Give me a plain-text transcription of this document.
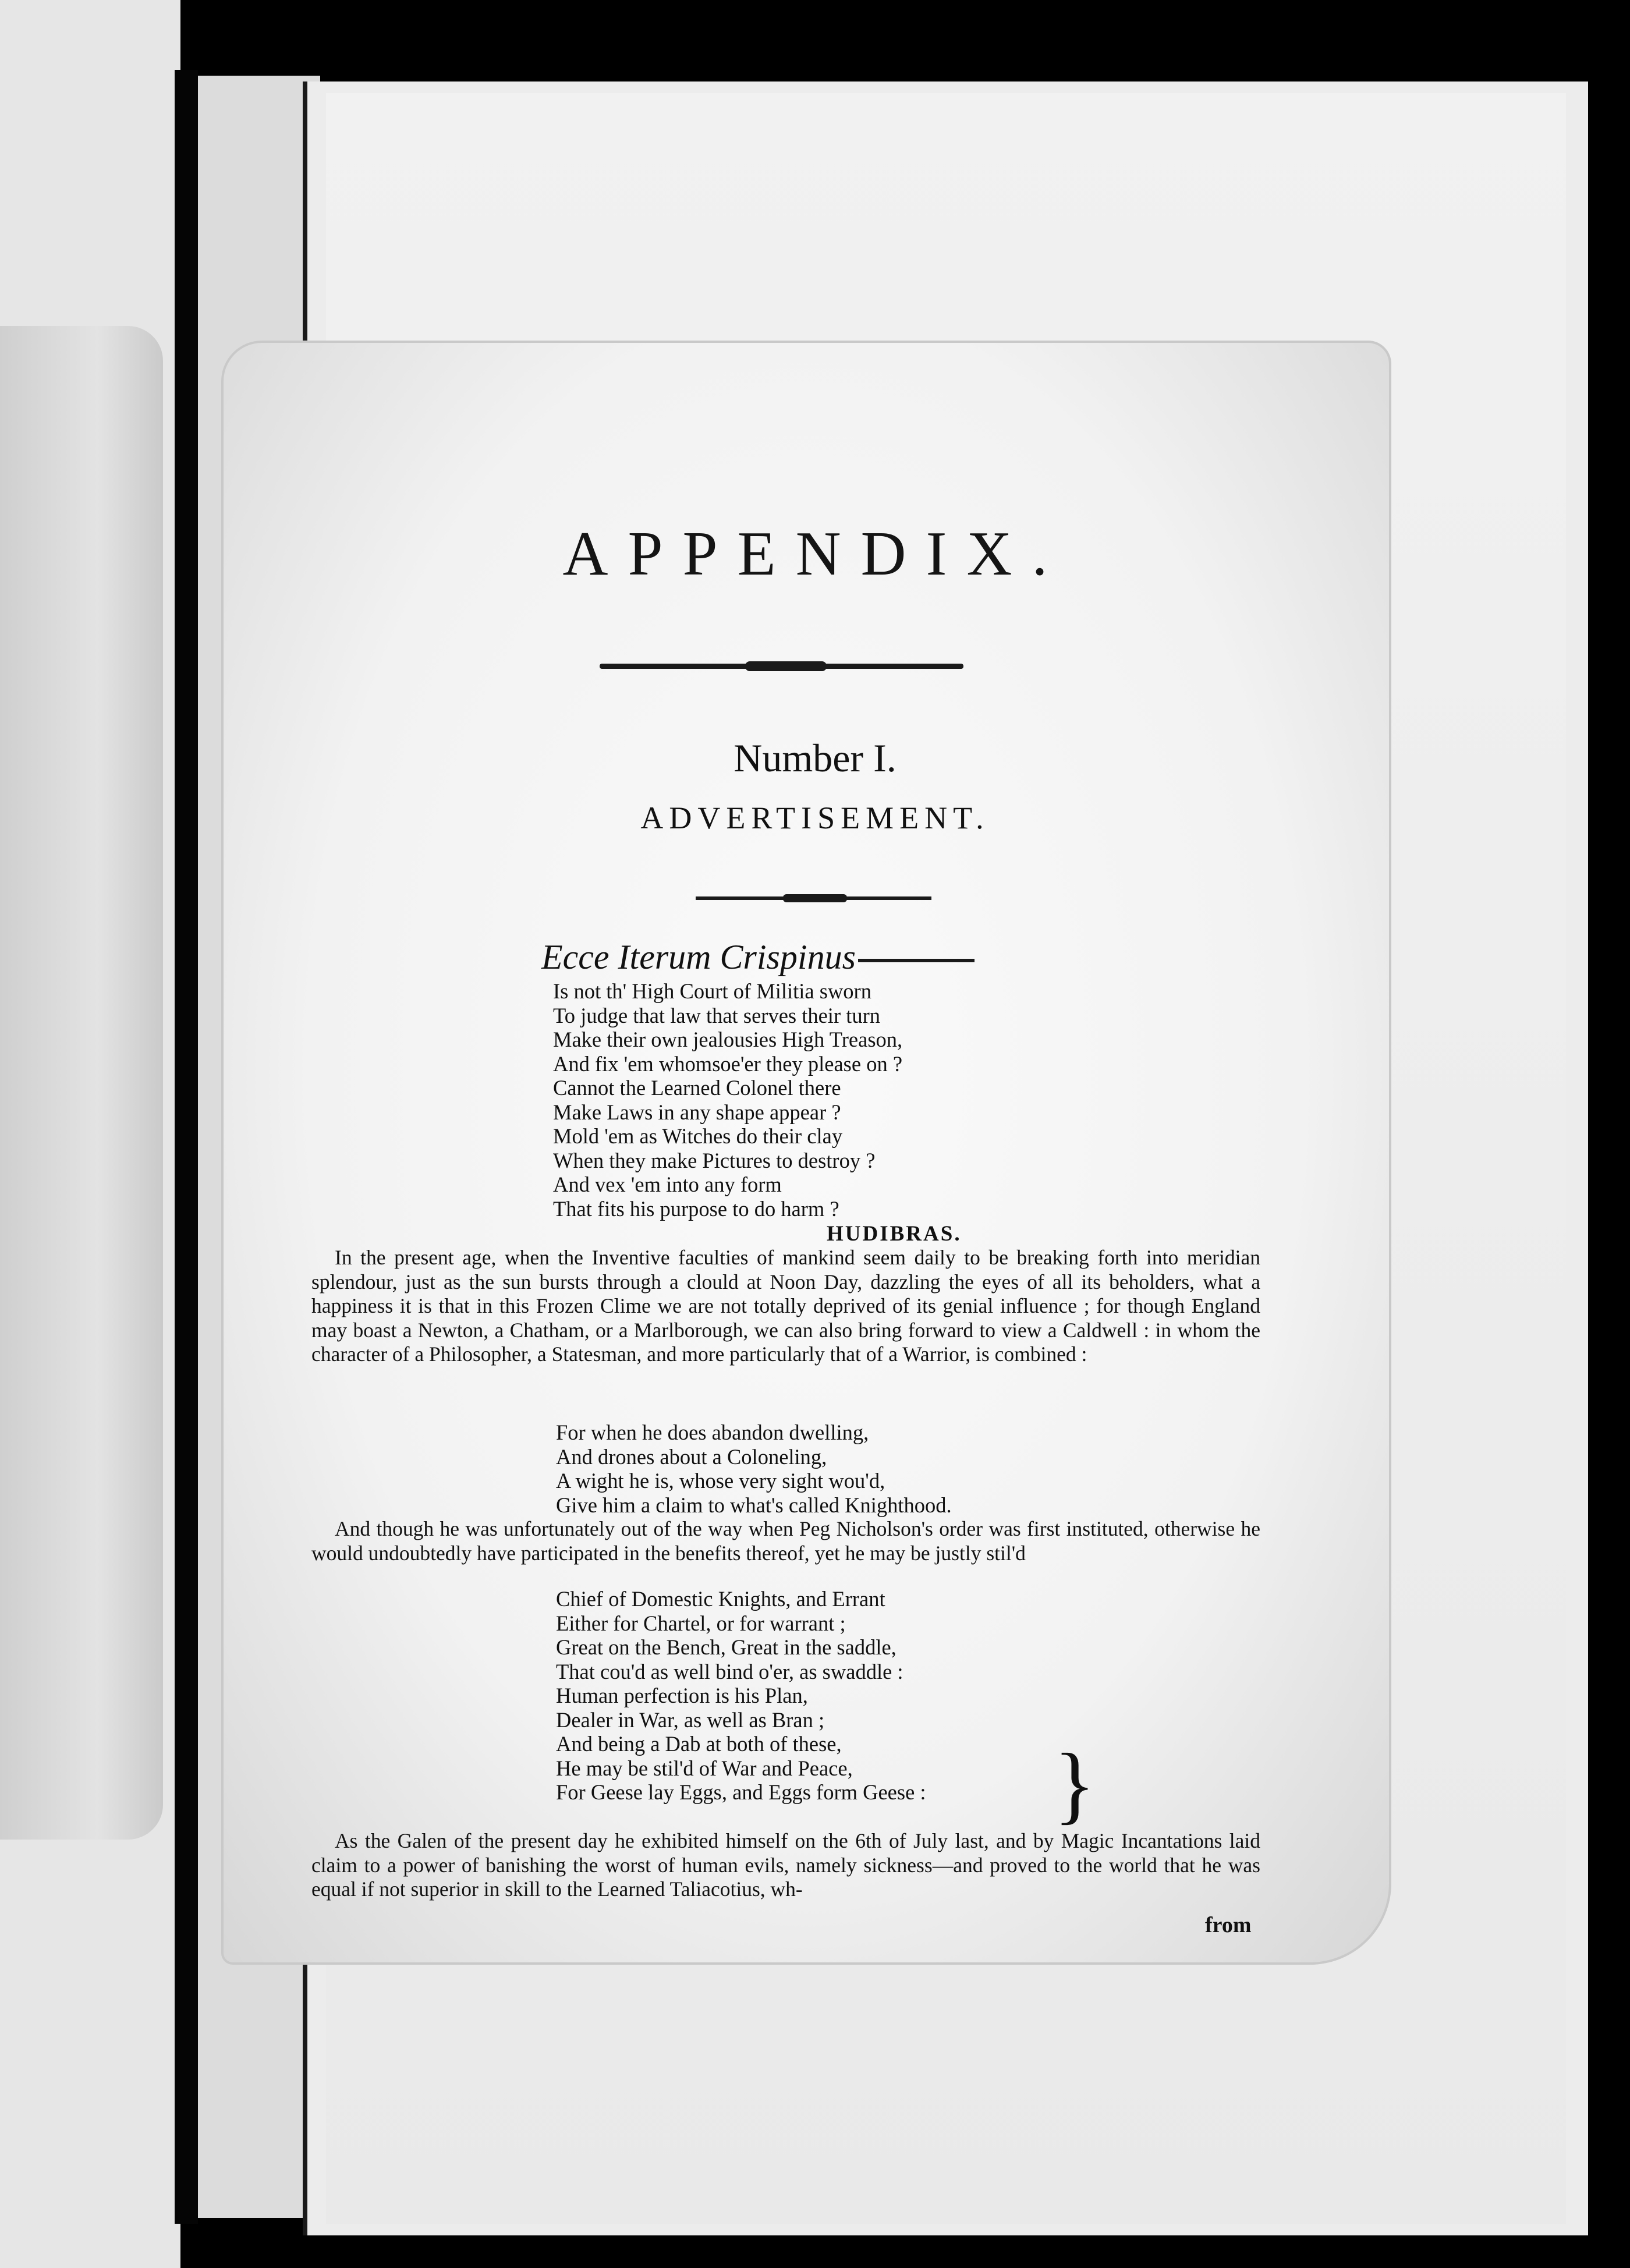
APPENDIX.
Number I.
ADVERTISEMENT.
Ecce Iterum Crispinus
Is not th' High Court of Militia sworn
To judge that law that serves their turn
Make their own jealousies High Treason,
And fix 'em whomsoe'er they please on ?
Cannot the Learned Colonel there
Make Laws in any shape appear ?
Mold 'em as Witches do their clay
When they make Pictures to destroy ?
And vex 'em into any form
That fits his purpose to do harm ?
HUDIBRAS.

In the present age, when the Inventive faculties of mankind seem daily to be breaking forth into meridian splendour, just as the sun bursts through a clould at Noon Day, dazzling the eyes of all its beholders, what a happiness it is that in this Frozen Clime we are not totally deprived of its genial influence ; for though England may boast a Newton, a Chatham, or a Marlborough, we can also bring forward to view a Caldwell : in whom the character of a Philosopher, a Statesman, and more particularly that of a Warrior, is combined :

For when he does abandon dwelling,
And drones about a Coloneling,
A wight he is, whose very sight wou'd,
Give him a claim to what's called Knighthood.

And though he was unfortunately out of the way when Peg Nicholson's order was first instituted, otherwise he would undoubtedly have participated in the benefits thereof, yet he may be justly stil'd

Chief of Domestic Knights, and Errant
Either for Chartel, or for warrant ;
Great on the Bench, Great in the saddle,
That cou'd as well bind o'er, as swaddle :
Human perfection is his Plan,
Dealer in War, as well as Bran ;
And being a Dab at both of these,
He may be stil'd of War and Peace,
For Geese lay Eggs, and Eggs form Geese : }

As the Galen of the present day he exhibited himself on the 6th of July last, and by Magic Incantations laid claim to a power of banishing the worst of human evils, namely sickness—and proved to the world that he was equal if not superior in skill to the Learned Taliacotius, wh-

from
